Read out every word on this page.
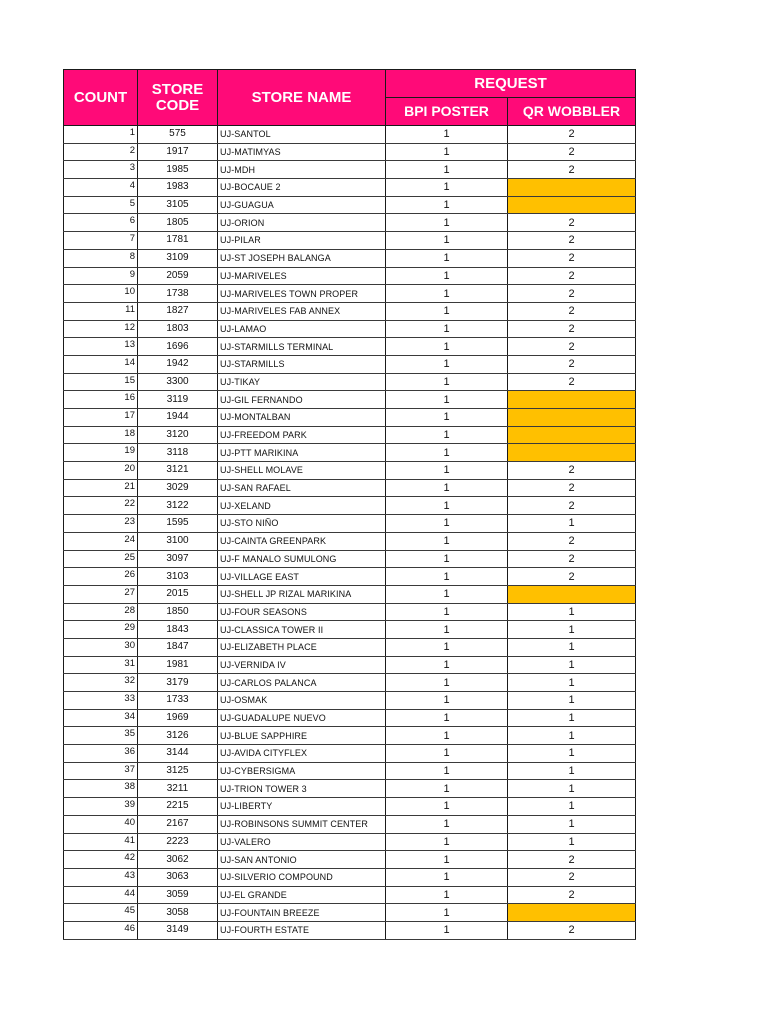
COUNT	STORE CODE	STORE NAME	REQUEST	
			BPI POSTER	QR WOBBLER
1	575	UJ-SANTOL	1	2
2	1917	UJ-MATIMYAS	1	2
3	1985	UJ-MDH	1	2
4	1983	UJ-BOCAUE 2	1	
5	3105	UJ-GUAGUA	1	
6	1805	UJ-ORION	1	2
7	1781	UJ-PILAR	1	2
8	3109	UJ-ST JOSEPH BALANGA	1	2
9	2059	UJ-MARIVELES	1	2
10	1738	UJ-MARIVELES TOWN PROPER	1	2
11	1827	UJ-MARIVELES FAB ANNEX	1	2
12	1803	UJ-LAMAO	1	2
13	1696	UJ-STARMILLS TERMINAL	1	2
14	1942	UJ-STARMILLS	1	2
15	3300	UJ-TIKAY	1	2
16	3119	UJ-GIL FERNANDO	1	
17	1944	UJ-MONTALBAN	1	
18	3120	UJ-FREEDOM PARK	1	
19	3118	UJ-PTT MARIKINA	1	
20	3121	UJ-SHELL MOLAVE	1	2
21	3029	UJ-SAN RAFAEL	1	2
22	3122	UJ-XELAND	1	2
23	1595	UJ-STO NIÑO	1	1
24	3100	UJ-CAINTA GREENPARK	1	2
25	3097	UJ-F MANALO SUMULONG	1	2
26	3103	UJ-VILLAGE EAST	1	2
27	2015	UJ-SHELL JP RIZAL MARIKINA	1	
28	1850	UJ-FOUR SEASONS	1	1
29	1843	UJ-CLASSICA TOWER II	1	1
30	1847	UJ-ELIZABETH PLACE	1	1
31	1981	UJ-VERNIDA IV	1	1
32	3179	UJ-CARLOS PALANCA	1	1
33	1733	UJ-OSMAK	1	1
34	1969	UJ-GUADALUPE NUEVO	1	1
35	3126	UJ-BLUE SAPPHIRE	1	1
36	3144	UJ-AVIDA CITYFLEX	1	1
37	3125	UJ-CYBERSIGMA	1	1
38	3211	UJ-TRION TOWER 3	1	1
39	2215	UJ-LIBERTY	1	1
40	2167	UJ-ROBINSONS SUMMIT CENTER	1	1
41	2223	UJ-VALERO	1	1
42	3062	UJ-SAN ANTONIO	1	2
43	3063	UJ-SILVERIO COMPOUND	1	2
44	3059	UJ-EL GRANDE	1	2
45	3058	UJ-FOUNTAIN BREEZE	1	
46	3149	UJ-FOURTH ESTATE	1	2
